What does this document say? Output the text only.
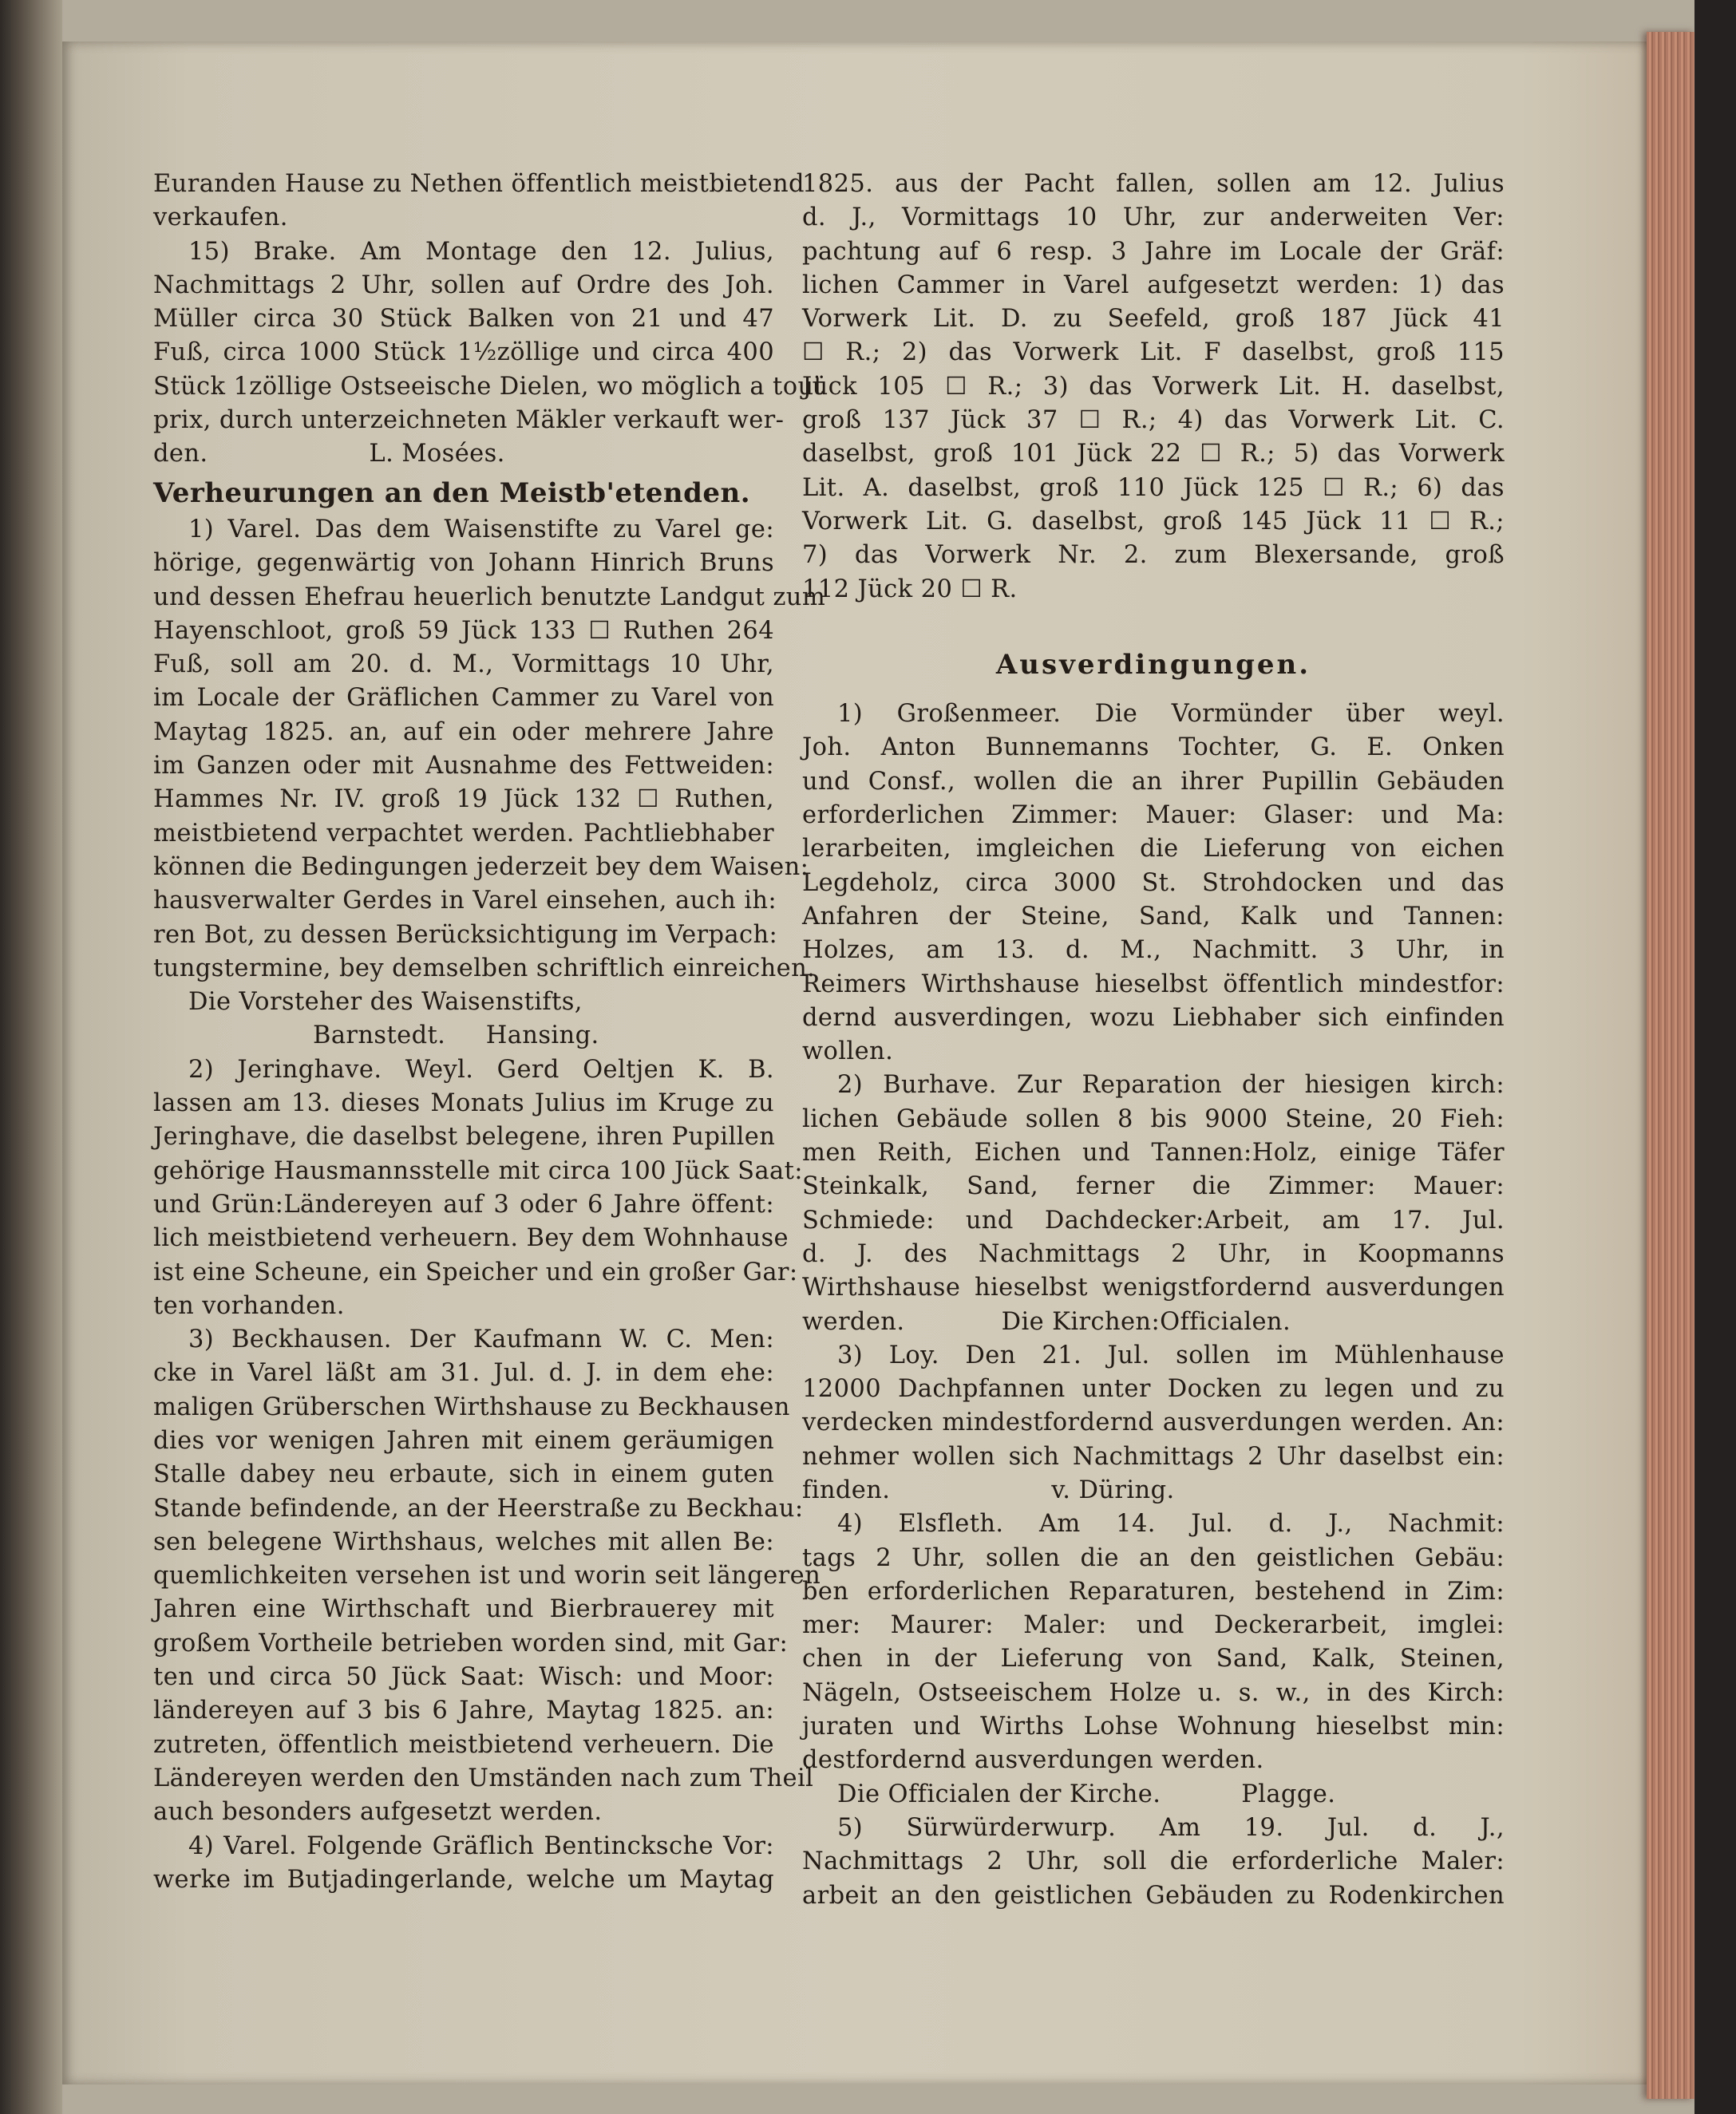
Euranden Hause zu Nethen öffentlich meistbietend
verkaufen.
15) Brake. Am Montage den 12. Julius,
Nachmittags 2 Uhr, sollen auf Ordre des Joh.
Müller circa 30 Stück Balken von 21 und 47
Fuß, circa 1000 Stück 1½zöllige und circa 400
Stück 1zöllige Ostseeische Dielen, wo möglich a tout
prix, durch unterzeichneten Mäkler verkauft wer-
den.                    L. Mosées.
Verheurungen an den Meistb'etenden.
1) Varel. Das dem Waisenstifte zu Varel ge:
hörige, gegenwärtig von Johann Hinrich Bruns
und dessen Ehefrau heuerlich benutzte Landgut zum
Hayenschloot, groß 59 Jück 133 ☐ Ruthen 264
Fuß, soll am 20. d. M., Vormittags 10 Uhr,
im Locale der Gräflichen Cammer zu Varel von
Maytag 1825. an, auf ein oder mehrere Jahre
im Ganzen oder mit Ausnahme des Fettweiden:
Hammes Nr. IV. groß 19 Jück 132 ☐ Ruthen,
meistbietend verpachtet werden. Pachtliebhaber
können die Bedingungen jederzeit bey dem Waisen:
hausverwalter Gerdes in Varel einsehen, auch ih:
ren Bot, zu dessen Berücksichtigung im Verpach:
tungstermine, bey demselben schriftlich einreichen.
Die Vorsteher des Waisenstifts,
Barnstedt.     Hansing.
2) Jeringhave. Weyl. Gerd Oeltjen K. B.
lassen am 13. dieses Monats Julius im Kruge zu
Jeringhave, die daselbst belegene, ihren Pupillen
gehörige Hausmannsstelle mit circa 100 Jück Saat:
und Grün:Ländereyen auf 3 oder 6 Jahre öffent:
lich meistbietend verheuern. Bey dem Wohnhause
ist eine Scheune, ein Speicher und ein großer Gar:
ten vorhanden.
3) Beckhausen. Der Kaufmann W. C. Men:
cke in Varel läßt am 31. Jul. d. J. in dem ehe:
maligen Grüberschen Wirthshause zu Beckhausen
dies vor wenigen Jahren mit einem geräumigen
Stalle dabey neu erbaute, sich in einem guten
Stande befindende, an der Heerstraße zu Beckhau:
sen belegene Wirthshaus, welches mit allen Be:
quemlichkeiten versehen ist und worin seit längeren
Jahren eine Wirthschaft und Bierbrauerey mit
großem Vortheile betrieben worden sind, mit Gar:
ten und circa 50 Jück Saat: Wisch: und Moor:
ländereyen auf 3 bis 6 Jahre, Maytag 1825. an:
zutreten, öffentlich meistbietend verheuern. Die
Ländereyen werden den Umständen nach zum Theil
auch besonders aufgesetzt werden.
4) Varel. Folgende Gräflich Bentincksche Vor:
werke im Butjadingerlande, welche um Maytag
1825. aus der Pacht fallen, sollen am 12. Julius
d. J., Vormittags 10 Uhr, zur anderweiten Ver:
pachtung auf 6 resp. 3 Jahre im Locale der Gräf:
lichen Cammer in Varel aufgesetzt werden: 1) das
Vorwerk Lit. D. zu Seefeld, groß 187 Jück 41
☐ R.; 2) das Vorwerk Lit. F daselbst, groß 115
Jück 105 ☐ R.; 3) das Vorwerk Lit. H. daselbst,
groß 137 Jück 37 ☐ R.; 4) das Vorwerk Lit. C.
daselbst, groß 101 Jück 22 ☐ R.; 5) das Vorwerk
Lit. A. daselbst, groß 110 Jück 125 ☐ R.; 6) das
Vorwerk Lit. G. daselbst, groß 145 Jück 11 ☐ R.;
7) das Vorwerk Nr. 2. zum Blexersande, groß
112 Jück 20 ☐ R.
Ausverdingungen.
1) Großenmeer. Die Vormünder über weyl.
Joh. Anton Bunnemanns Tochter, G. E. Onken
und Consf., wollen die an ihrer Pupillin Gebäuden
erforderlichen Zimmer: Mauer: Glaser: und Ma:
lerarbeiten, imgleichen die Lieferung von eichen
Legdeholz, circa 3000 St. Strohdocken und das
Anfahren der Steine, Sand, Kalk und Tannen:
Holzes, am 13. d. M., Nachmitt. 3 Uhr, in
Reimers Wirthshause hieselbst öffentlich mindestfor:
dernd ausverdingen, wozu Liebhaber sich einfinden
wollen.
2) Burhave. Zur Reparation der hiesigen kirch:
lichen Gebäude sollen 8 bis 9000 Steine, 20 Fieh:
men Reith, Eichen und Tannen:Holz, einige Täfer
Steinkalk, Sand, ferner die Zimmer: Mauer:
Schmiede: und Dachdecker:Arbeit, am 17. Jul.
d. J. des Nachmittags 2 Uhr, in Koopmanns
Wirthshause hieselbst wenigstfordernd ausverdungen
werden.            Die Kirchen:Officialen.
3) Loy. Den 21. Jul. sollen im Mühlenhause
12000 Dachpfannen unter Docken zu legen und zu
verdecken mindestfordernd ausverdungen werden. An:
nehmer wollen sich Nachmittags 2 Uhr daselbst ein:
finden.                    v. Düring.
4) Elsfleth. Am 14. Jul. d. J., Nachmit:
tags 2 Uhr, sollen die an den geistlichen Gebäu:
ben erforderlichen Reparaturen, bestehend in Zim:
mer: Maurer: Maler: und Deckerarbeit, imglei:
chen in der Lieferung von Sand, Kalk, Steinen,
Nägeln, Ostseeischem Holze u. s. w., in des Kirch:
juraten und Wirths Lohse Wohnung hieselbst min:
destfordernd ausverdungen werden.
Die Officialen der Kirche.          Plagge.
5) Sürwürderwurp. Am 19. Jul. d. J.,
Nachmittags 2 Uhr, soll die erforderliche Maler:
arbeit an den geistlichen Gebäuden zu Rodenkirchen
